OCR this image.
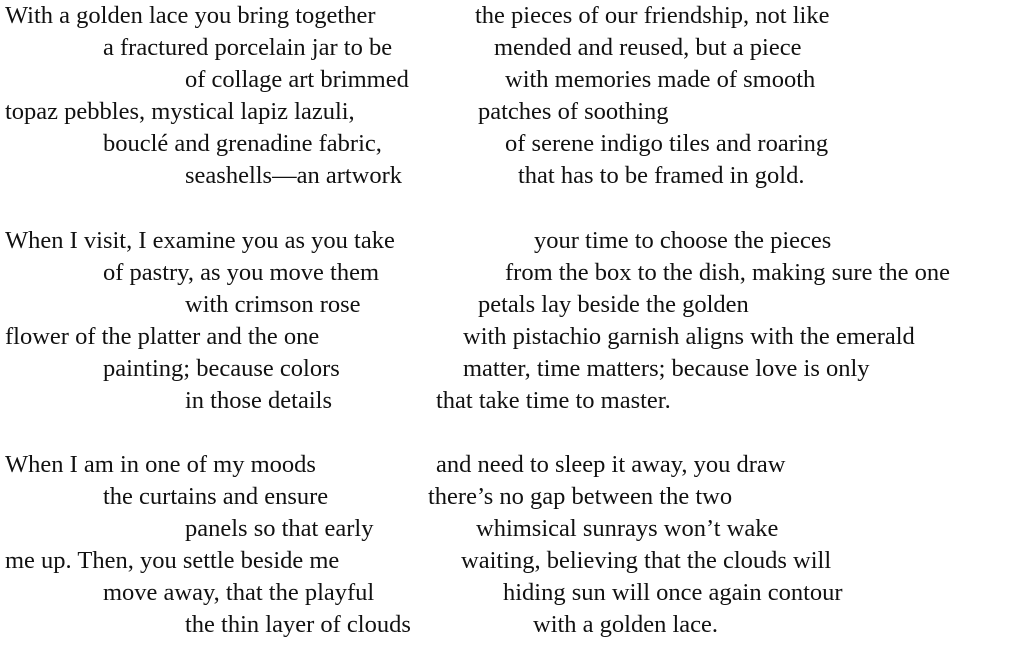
With a golden lace you bring together	the pieces of our friendship, not like
a fractured porcelain jar to be	mended and reused, but a piece
of collage art brimmed	with memories made of smooth
topaz pebbles, mystical lapiz lazuli,	patches of soothing
bouclé and grenadine fabric,	of serene indigo tiles and roaring
seashells—an artwork	that has to be framed in gold.
When I visit, I examine you as you take	your time to choose the pieces
of pastry, as you move them	from the box to the dish, making sure the one
with crimson rose	petals lay beside the golden
flower of the platter and the one	with pistachio garnish aligns with the emerald
painting; because colors	matter, time matters; because love is only
in those details	that take time to master.
When I am in one of my moods	and need to sleep it away, you draw
the curtains and ensure	there’s no gap between the two
panels so that early	whimsical sunrays won’t wake
me up. Then, you settle beside me	waiting, believing that the clouds will
move away, that the playful	hiding sun will once again contour
the thin layer of clouds	with a golden lace.
